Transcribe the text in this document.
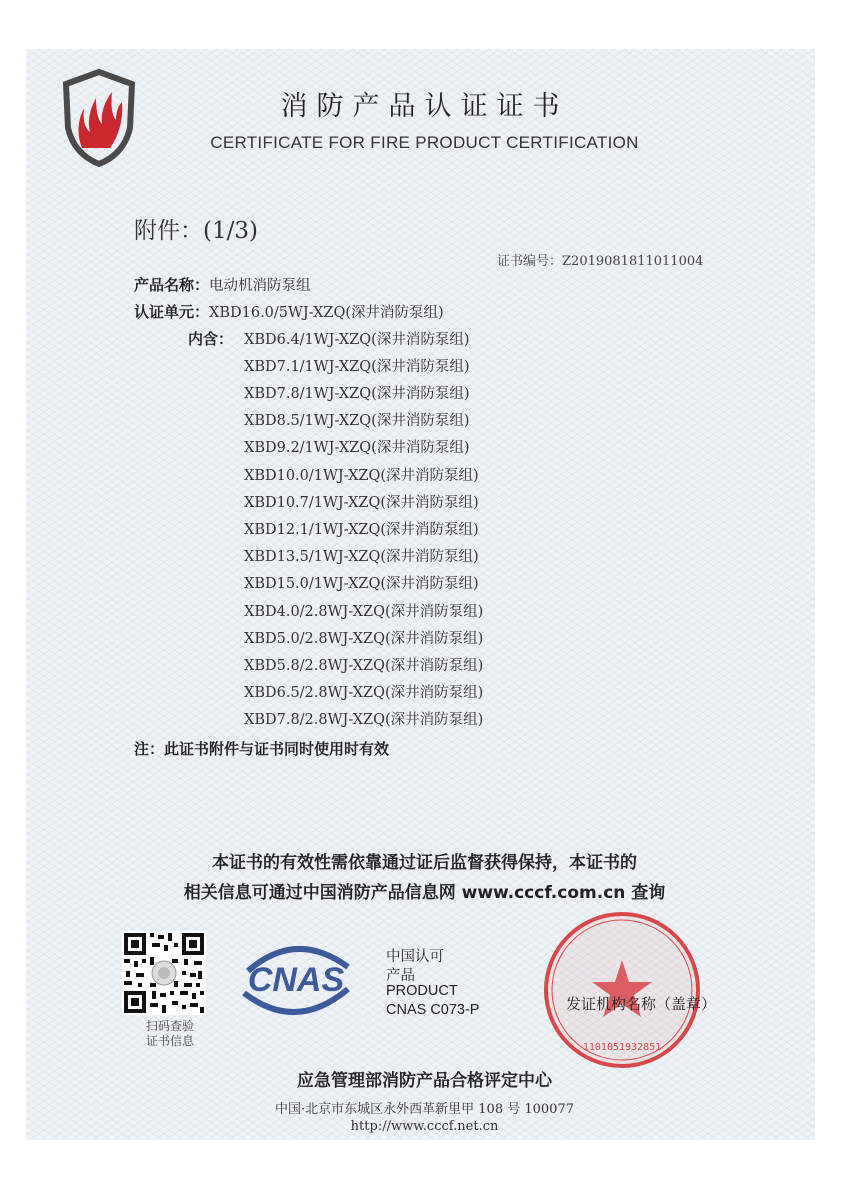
消防产品认证证书
CERTIFICATE FOR FIRE PRODUCT CERTIFICATION
附件：(1/3)
证书编号：Z2019081811011004
产品名称：电动机消防泵组
认证单元：XBD16.0/5WJ-XZQ(深井消防泵组)
内含： XBD6.4/1WJ-XZQ(深井消防泵组)
XBD7.1/1WJ-XZQ(深井消防泵组)
XBD7.8/1WJ-XZQ(深井消防泵组)
XBD8.5/1WJ-XZQ(深井消防泵组)
XBD9.2/1WJ-XZQ(深井消防泵组)
XBD10.0/1WJ-XZQ(深井消防泵组)
XBD10.7/1WJ-XZQ(深井消防泵组)
XBD12.1/1WJ-XZQ(深井消防泵组)
XBD13.5/1WJ-XZQ(深井消防泵组)
XBD15.0/1WJ-XZQ(深井消防泵组)
XBD4.0/2.8WJ-XZQ(深井消防泵组)
XBD5.0/2.8WJ-XZQ(深井消防泵组)
XBD5.8/2.8WJ-XZQ(深井消防泵组)
XBD6.5/2.8WJ-XZQ(深井消防泵组)
XBD7.8/2.8WJ-XZQ(深井消防泵组)
注：此证书附件与证书同时使用时有效
本证书的有效性需依靠通过证后监督获得保持，本证书的
相关信息可通过中国消防产品信息网 www.cccf.com.cn 查询
扫码查验
证书信息
CNAS
中国认可
产品
PRODUCT
CNAS C073-P
1101051932851
发证机构名称（盖章）
应急管理部消防产品合格评定中心
中国·北京市东城区永外西革新里甲 108 号 100077
http://www.cccf.net.cn
